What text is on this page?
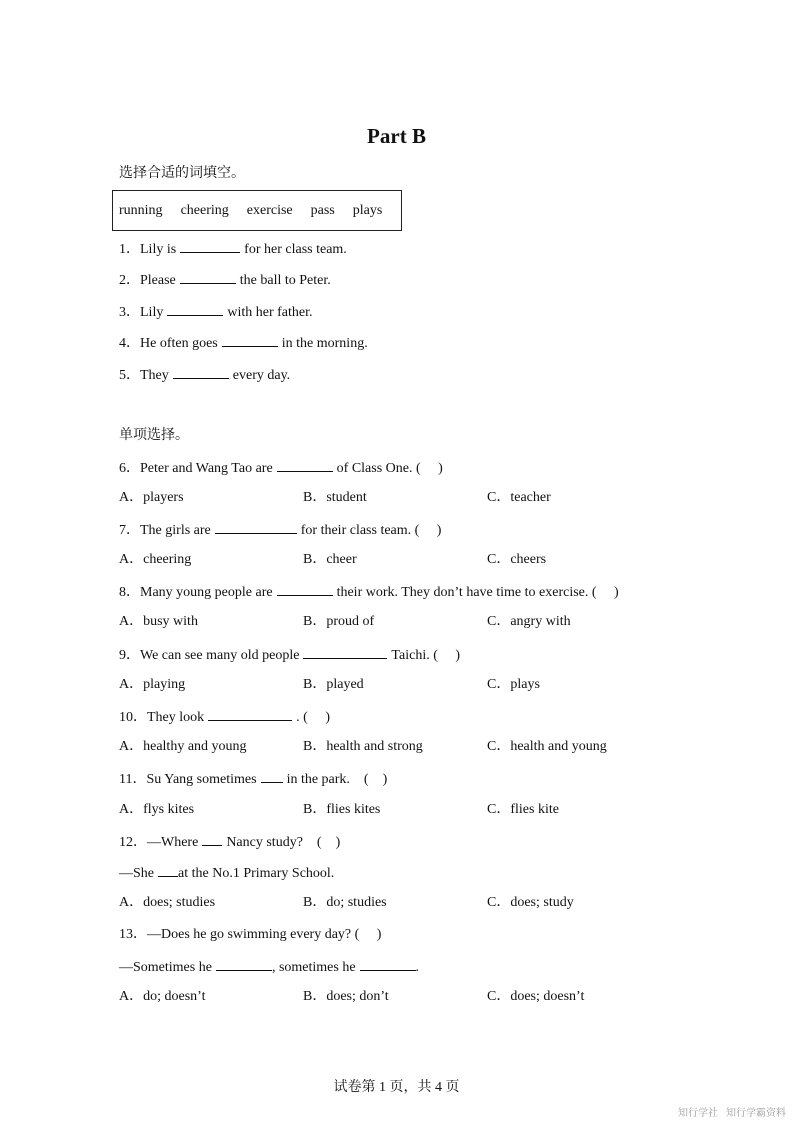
Part B
选择合适的词填空。
running cheering exercise pass plays
1．Lily is	for her class team.
2．Please	the ball to Peter.
3．Lily	with her father.
4．He often goes	in the morning.
5．They	every day.
单项选择。
6．Peter and Wang Tao are	of Class One. (　 )
A．players	B．student	C．teacher
7．The girls are	for their class team. (　 )
A．cheering	B．cheer	C．cheers
8．Many young people are	their work. They don’t have time to exercise. (　 )
A．busy with	B．proud of	C．angry with
9．We can see many old people	Taichi. (　 )
A．playing	B．played	C．plays
10．They look	. (　 )
A．healthy and young	B．health and strong	C．health and young
11．Su Yang sometimes in the park.　(　)
A．flys kites	B．flies kites	C．flies kite
12．—Where Nancy study?　(　)
—She at the No.1 Primary School.
A．does; studies	B．do; studies	C．does; study
13．—Does he go swimming every day? (　 )
—Sometimes he	, sometimes he	.
A．do; doesn’t	B．does; don’t	C．does; doesn’t
试卷第 1 页，共 4 页
知行学社 知行学霸资料
